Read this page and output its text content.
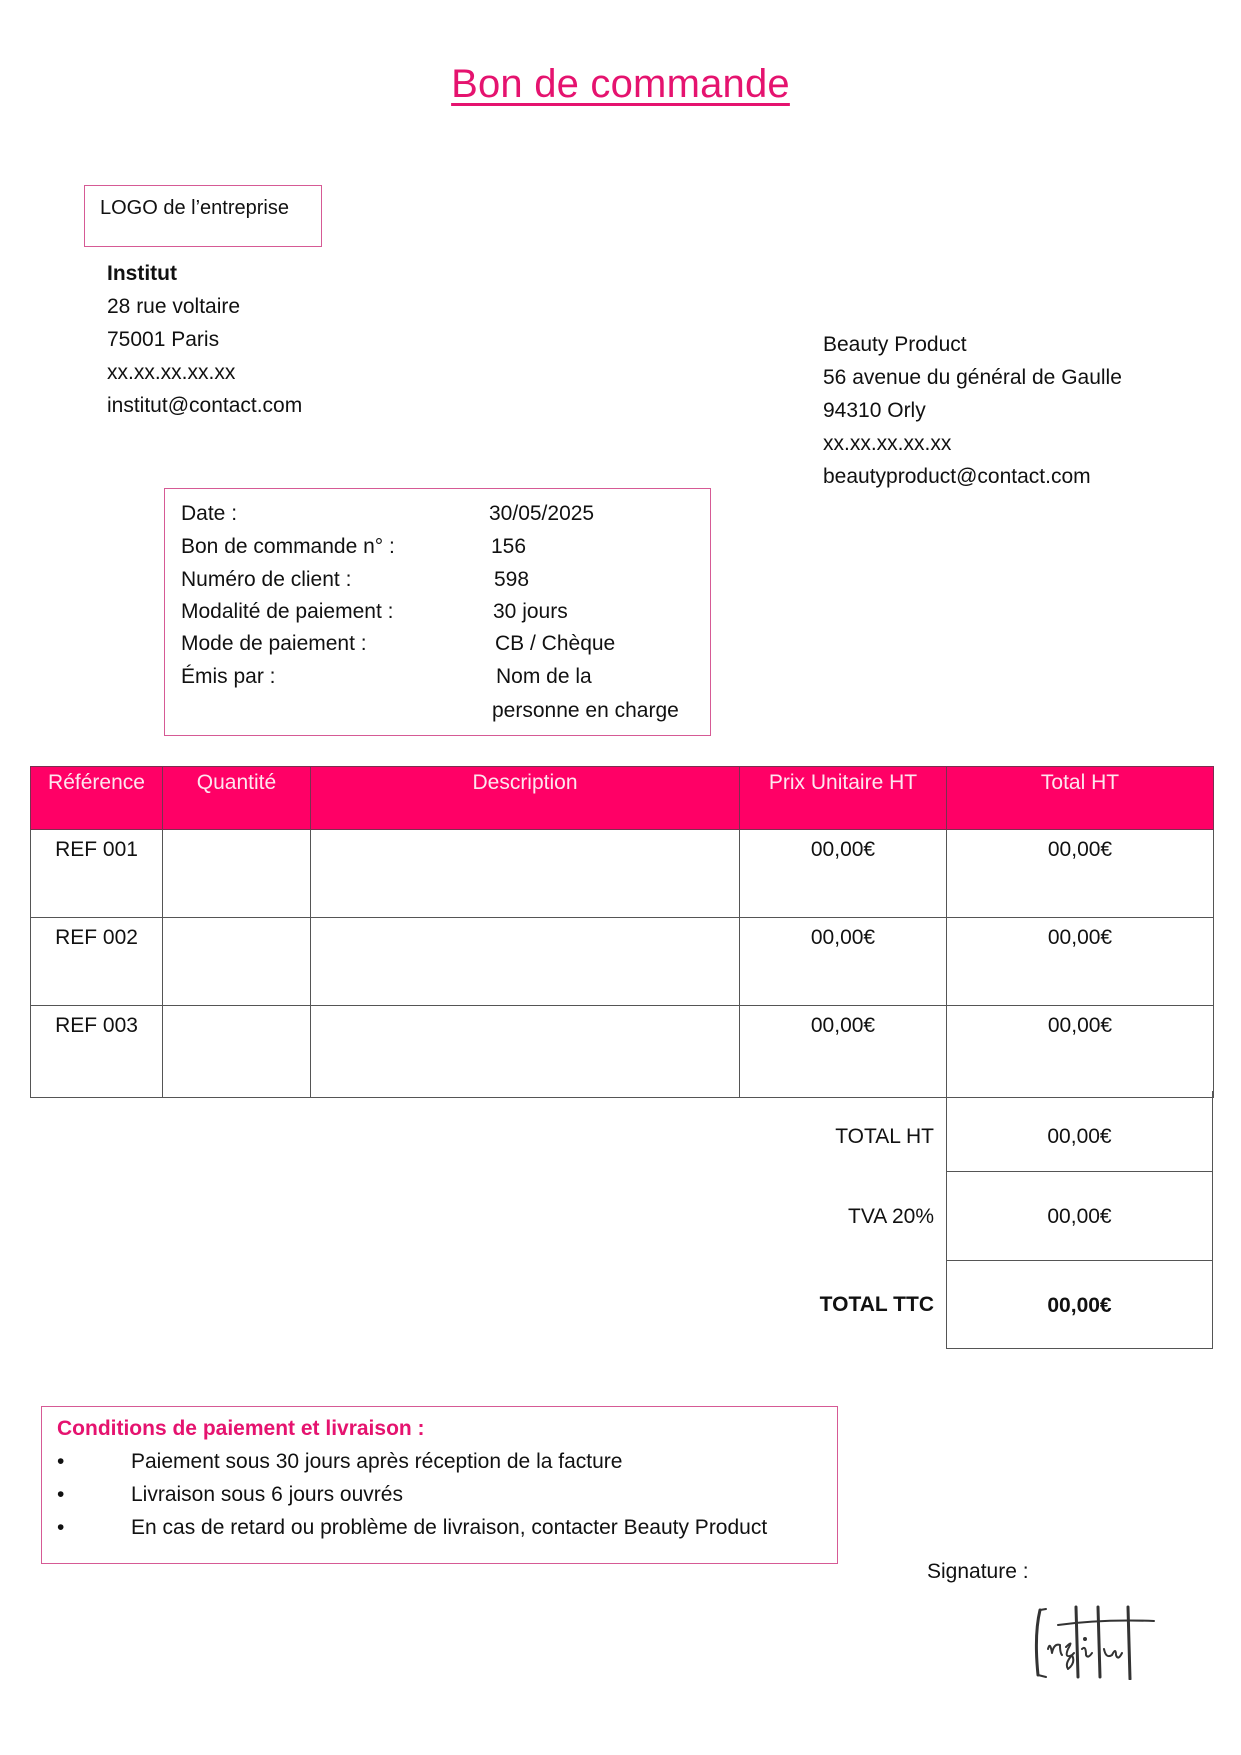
Bon de commande
LOGO de l’entreprise
Institut
28 rue voltaire
75001 Paris
xx.xx.xx.xx.xx
institut@contact.com
Beauty Product
56 avenue du général de Gaulle
94310 Orly
xx.xx.xx.xx.xx
beautyproduct@contact.com
Date :	30/05/2025
Bon de commande n° :	156
Numéro de client :	598
Modalité de paiement :	30 jours
Mode de paiement :	CB / Chèque
Émis par :	Nom de la
personne en charge
Référence	Quantité	Description	Prix Unitaire HT	Total HT
REF 001			00,00€	00,00€
REF 002			00,00€	00,00€
REF 003			00,00€	00,00€
TOTAL HT	00,00€
TVA 20%	00,00€
TOTAL TTC	00,00€
Conditions de paiement et livraison :
•	Paiement sous 30 jours après réception de la facture
•	Livraison sous 6 jours ouvrés
•	En cas de retard ou problème de livraison, contacter Beauty Product
Signature :
